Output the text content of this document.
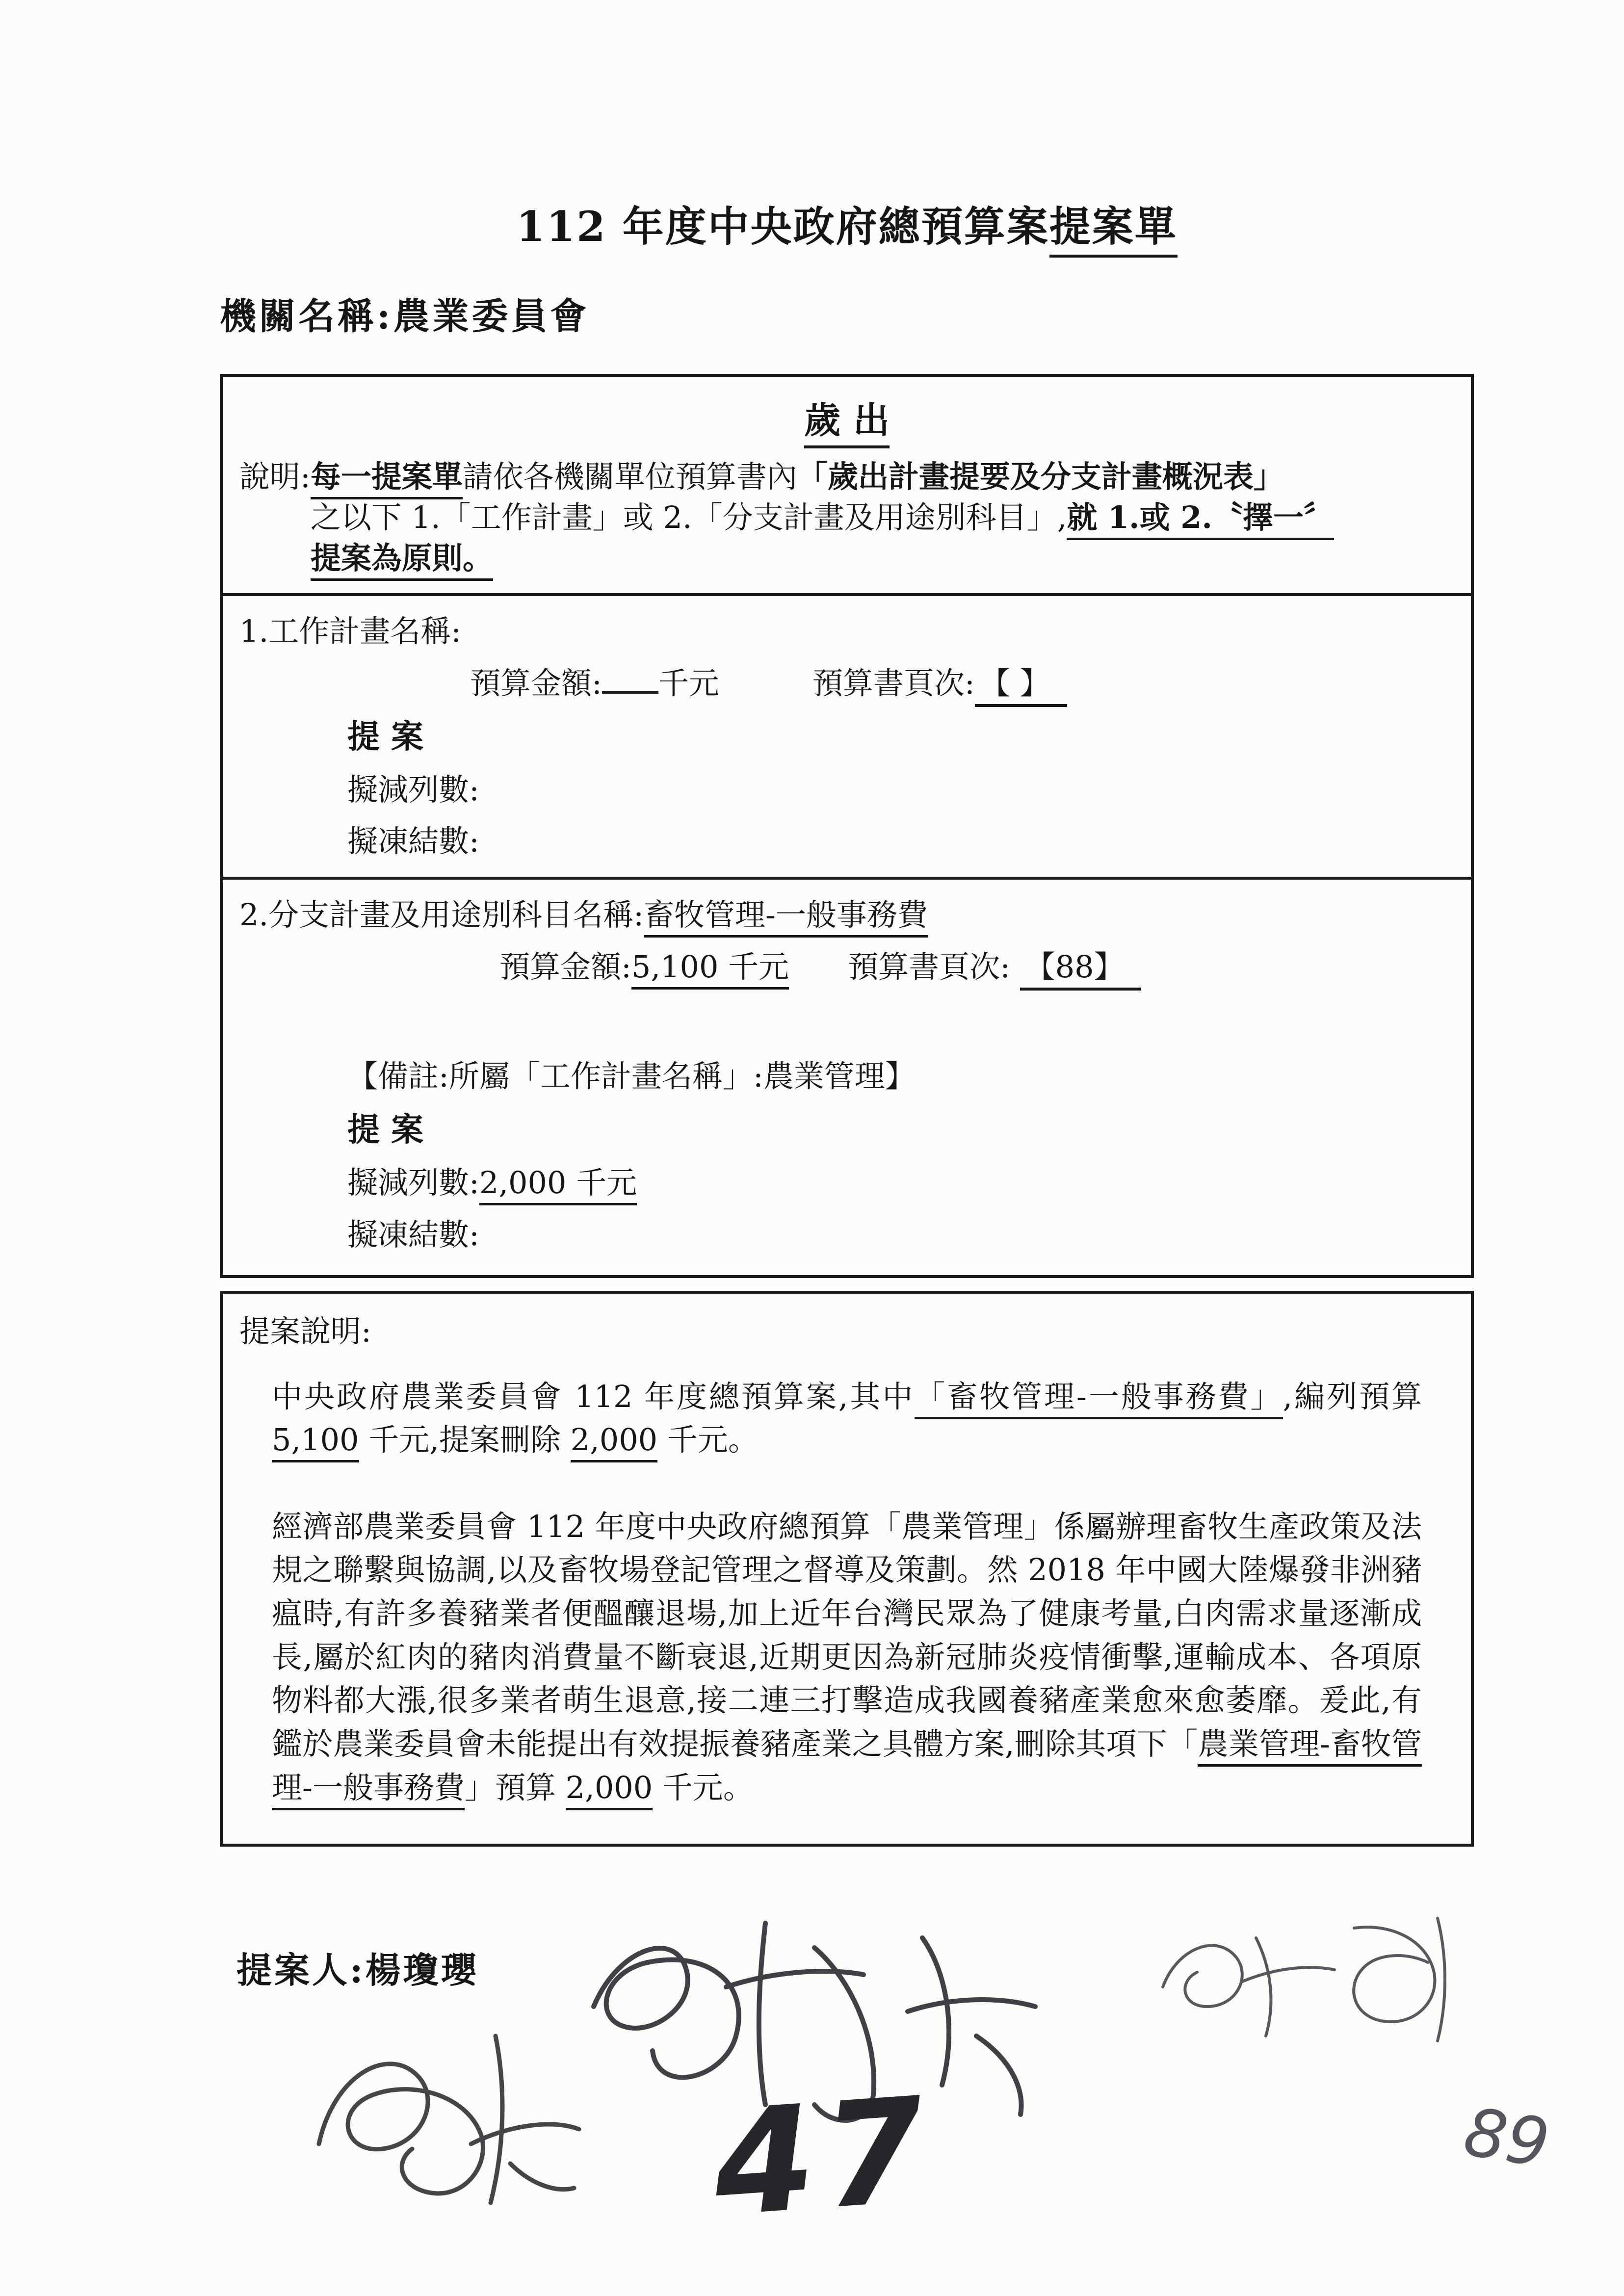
112 年度中央政府總預算案提案單
機關名稱:農業委員會
歲 出
說明: 每一提案單請依各機關單位預算書內「歲出計畫提要及分支計畫概況表」
之以下 1.「工作計畫」或 2.「分支計畫及用途別科目」,就 1.或 2.〝擇一〞
提案為原則。
1.工作計畫名稱:
預算金額: 千元	預算書頁次: 【 】
提 案
擬減列數:
擬凍結數:
2.分支計畫及用途別科目名稱:畜牧管理-一般事務費
預算金額:5,100 千元 預算書頁次: 【88】
【備註:所屬「工作計畫名稱」:農業管理】
提 案
擬減列數:2,000 千元
擬凍結數:
提案說明:

中央政府農業委員會 112 年度總預算案,其中「畜牧管理-一般事務費」,編列預算 5,100 千元,提案刪除 2,000 千元。

經濟部農業委員會 112 年度中央政府總預算「農業管理」係屬辦理畜牧生產政策及法規之聯繫與協調,以及畜牧場登記管理之督導及策劃。然 2018 年中國大陸爆發非洲豬瘟時,有許多養豬業者便醞釀退場,加上近年台灣民眾為了健康考量,白肉需求量逐漸成長,屬於紅肉的豬肉消費量不斷衰退,近期更因為新冠肺炎疫情衝擊,運輸成本、各項原物料都大漲,很多業者萌生退意,接二連三打擊造成我國養豬產業愈來愈萎靡。爰此,有鑑於農業委員會未能提出有效提振養豬產業之具體方案,刪除其項下「農業管理-畜牧管理-一般事務費」預算 2,000 千元。

提案人:楊瓊瓔
47	89
